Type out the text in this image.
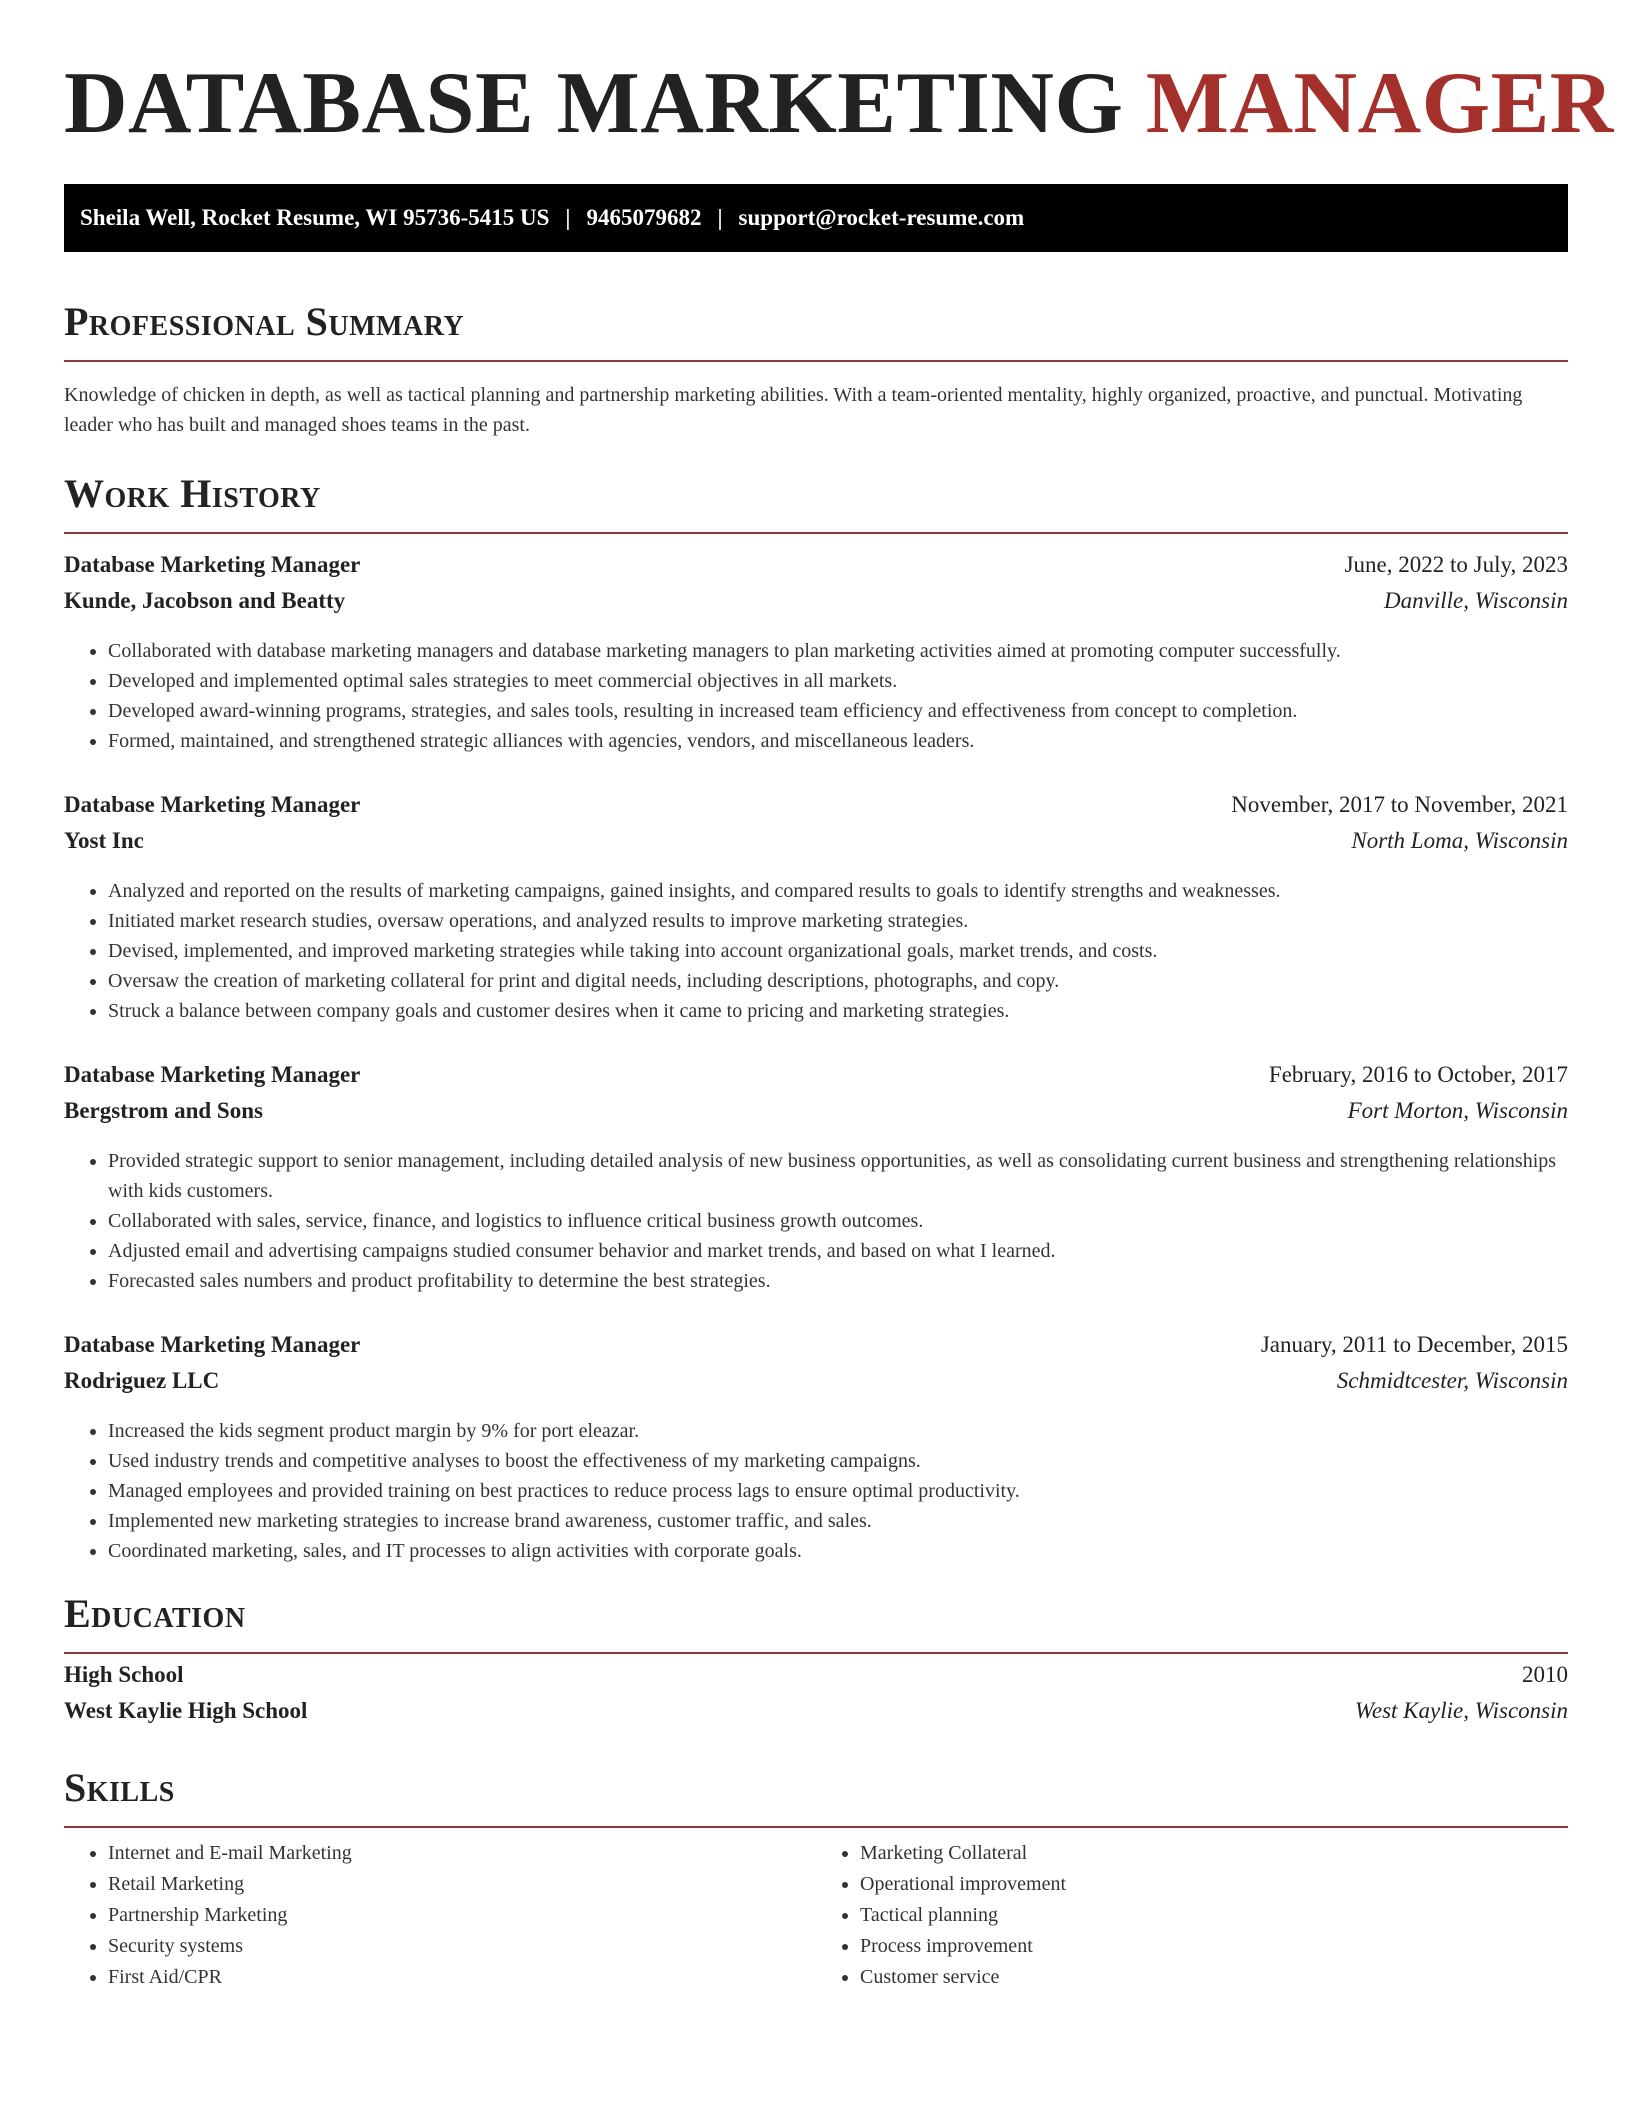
DATABASE MARKETING MANAGER
Sheila Well, Rocket Resume, WI 95736-5415 US | 9465079682 | support@rocket-resume.com
Professional Summary

Knowledge of chicken in depth, as well as tactical planning and partnership marketing abilities. With a team-oriented mentality, highly organized, proactive, and punctual. Motivating leader who has built and managed shoes teams in the past.

Work History
Database Marketing Manager	June, 2022 to July, 2023
Kunde, Jacobson and Beatty	Danville, Wisconsin
• Collaborated with database marketing managers and database marketing managers to plan marketing activities aimed at promoting computer successfully.
• Developed and implemented optimal sales strategies to meet commercial objectives in all markets.
• Developed award-winning programs, strategies, and sales tools, resulting in increased team efficiency and effectiveness from concept to completion.
• Formed, maintained, and strengthened strategic alliances with agencies, vendors, and miscellaneous leaders.
Database Marketing Manager	November, 2017 to November, 2021
Yost Inc	North Loma, Wisconsin
• Analyzed and reported on the results of marketing campaigns, gained insights, and compared results to goals to identify strengths and weaknesses.
• Initiated market research studies, oversaw operations, and analyzed results to improve marketing strategies.
• Devised, implemented, and improved marketing strategies while taking into account organizational goals, market trends, and costs.
• Oversaw the creation of marketing collateral for print and digital needs, including descriptions, photographs, and copy.
• Struck a balance between company goals and customer desires when it came to pricing and marketing strategies.
Database Marketing Manager	February, 2016 to October, 2017
Bergstrom and Sons	Fort Morton, Wisconsin
• Provided strategic support to senior management, including detailed analysis of new business opportunities, as well as consolidating current business and strengthening relationships with kids customers.
• Collaborated with sales, service, finance, and logistics to influence critical business growth outcomes.
• Adjusted email and advertising campaigns studied consumer behavior and market trends, and based on what I learned.
• Forecasted sales numbers and product profitability to determine the best strategies.
Database Marketing Manager	January, 2011 to December, 2015
Rodriguez LLC	Schmidtcester, Wisconsin
• Increased the kids segment product margin by 9% for port eleazar.
• Used industry trends and competitive analyses to boost the effectiveness of my marketing campaigns.
• Managed employees and provided training on best practices to reduce process lags to ensure optimal productivity.
• Implemented new marketing strategies to increase brand awareness, customer traffic, and sales.
• Coordinated marketing, sales, and IT processes to align activities with corporate goals.
Education
High School	2010
West Kaylie High School	West Kaylie, Wisconsin
Skills
• Internet and E-mail Marketing
• Retail Marketing
• Partnership Marketing
• Security systems
• First Aid/CPR
• Marketing Collateral
• Operational improvement
• Tactical planning
• Process improvement
• Customer service
